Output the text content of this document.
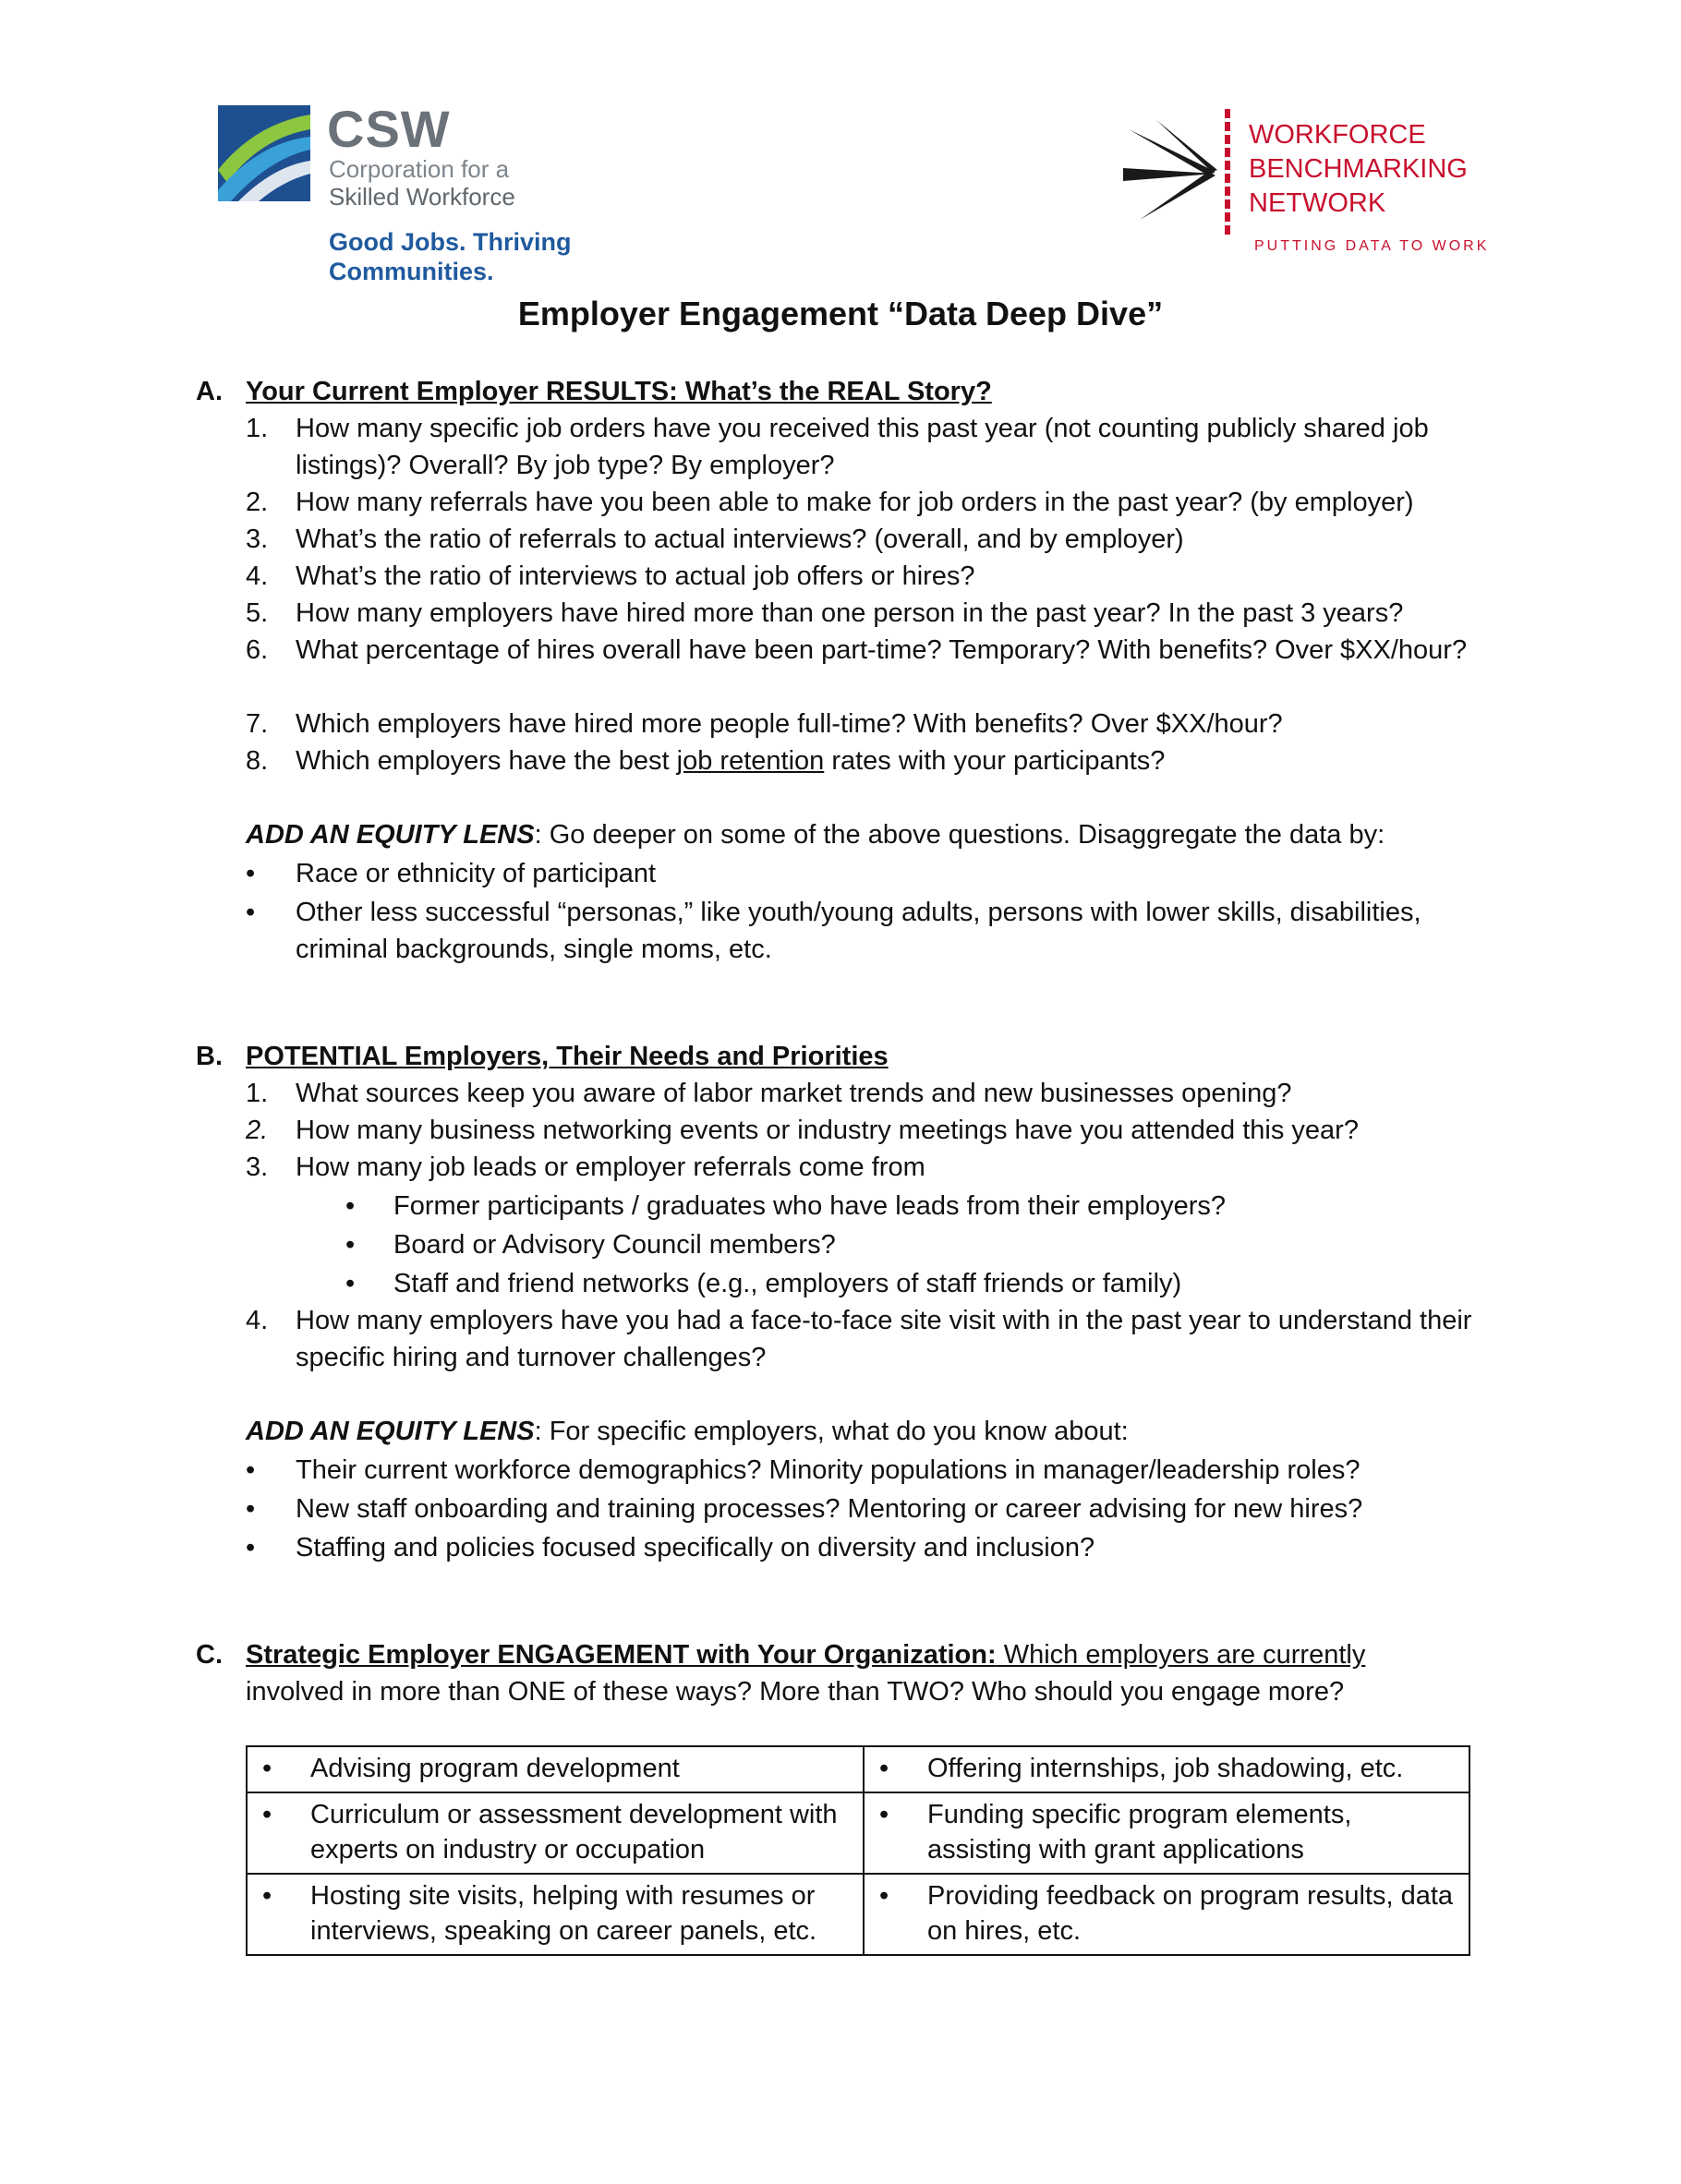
CSW
Corporation for a
Skilled Workforce
Good Jobs. Thriving Communities.
WORKFORCE
BENCHMARKING
NETWORK
PUTTING DATA TO WORK
Employer Engagement “Data Deep Dive”
A. Your Current Employer RESULTS: What’s the REAL Story?
1. How many specific job orders have you received this past year (not counting publicly shared job listings)? Overall? By job type? By employer?
2. How many referrals have you been able to make for job orders in the past year? (by employer)
3. What’s the ratio of referrals to actual interviews? (overall, and by employer)
4. What’s the ratio of interviews to actual job offers or hires?
5. How many employers have hired more than one person in the past year? In the past 3 years?
6. What percentage of hires overall have been part-time? Temporary? With benefits? Over $XX/hour?
7. Which employers have hired more people full-time? With benefits? Over $XX/hour?
8. Which employers have the best job retention rates with your participants?
ADD AN EQUITY LENS: Go deeper on some of the above questions. Disaggregate the data by:
• Race or ethnicity of participant
• Other less successful “personas,” like youth/young adults, persons with lower skills, disabilities, criminal backgrounds, single moms, etc.
B. POTENTIAL Employers, Their Needs and Priorities
1. What sources keep you aware of labor market trends and new businesses opening?
2. How many business networking events or industry meetings have you attended this year?
3. How many job leads or employer referrals come from
• Former participants / graduates who have leads from their employers?
• Board or Advisory Council members?
• Staff and friend networks (e.g., employers of staff friends or family)
4. How many employers have you had a face-to-face site visit with in the past year to understand their specific hiring and turnover challenges?
ADD AN EQUITY LENS: For specific employers, what do you know about:
• Their current workforce demographics? Minority populations in manager/leadership roles?
• New staff onboarding and training processes? Mentoring or career advising for new hires?
• Staffing and policies focused specifically on diversity and inclusion?
C. Strategic Employer ENGAGEMENT with Your Organization: Which employers are currently
involved in more than ONE of these ways? More than TWO? Who should you engage more?
• Advising program development	• Offering internships, job shadowing, etc.

• Curriculum or assessment development with experts on industry or occupation	• Funding specific program elements, assisting with grant applications

• Hosting site visits, helping with resumes or interviews, speaking on career panels, etc.	• Providing feedback on program results, data on hires, etc.
